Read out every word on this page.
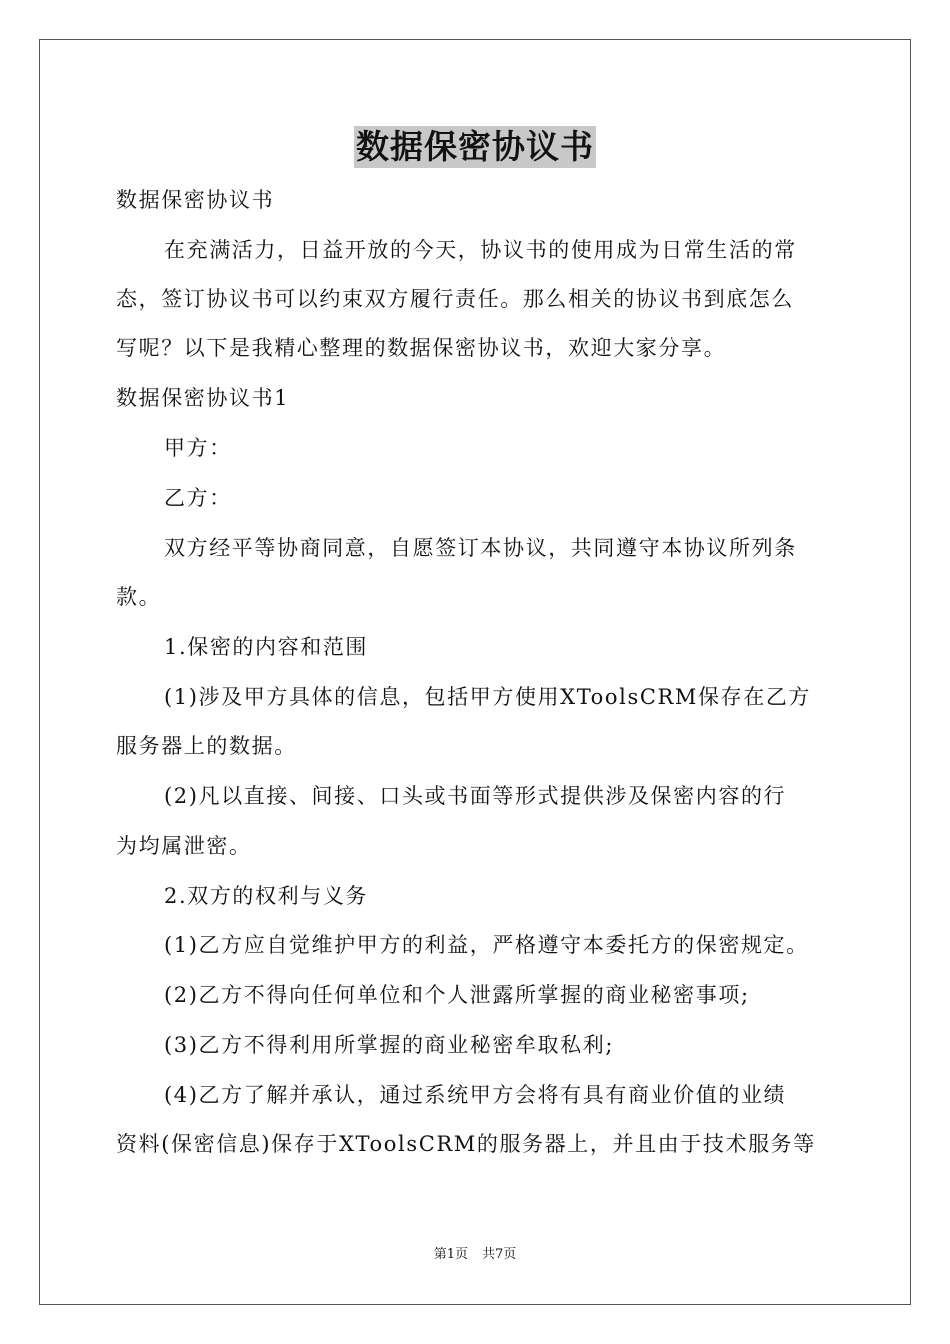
数据保密协议书
数据保密协议书
在充满活力，日益开放的今天，协议书的使用成为日常生活的常
态，签订协议书可以约束双方履行责任。那么相关的协议书到底怎么
写呢？以下是我精心整理的数据保密协议书，欢迎大家分享。
数据保密协议书1
甲方：
乙方：
双方经平等协商同意，自愿签订本协议，共同遵守本协议所列条
款。
1.保密的内容和范围
(1)涉及甲方具体的信息，包括甲方使用XToolsCRM保存在乙方
服务器上的数据。
(2)凡以直接、间接、口头或书面等形式提供涉及保密内容的行
为均属泄密。
2.双方的权利与义务
(1)乙方应自觉维护甲方的利益，严格遵守本委托方的保密规定。
(2)乙方不得向任何单位和个人泄露所掌握的商业秘密事项;
(3)乙方不得利用所掌握的商业秘密牟取私利;
(4)乙方了解并承认，通过系统甲方会将有具有商业价值的业绩
资料(保密信息)保存于XToolsCRM的服务器上，并且由于技术服务等
第1页 共7页
